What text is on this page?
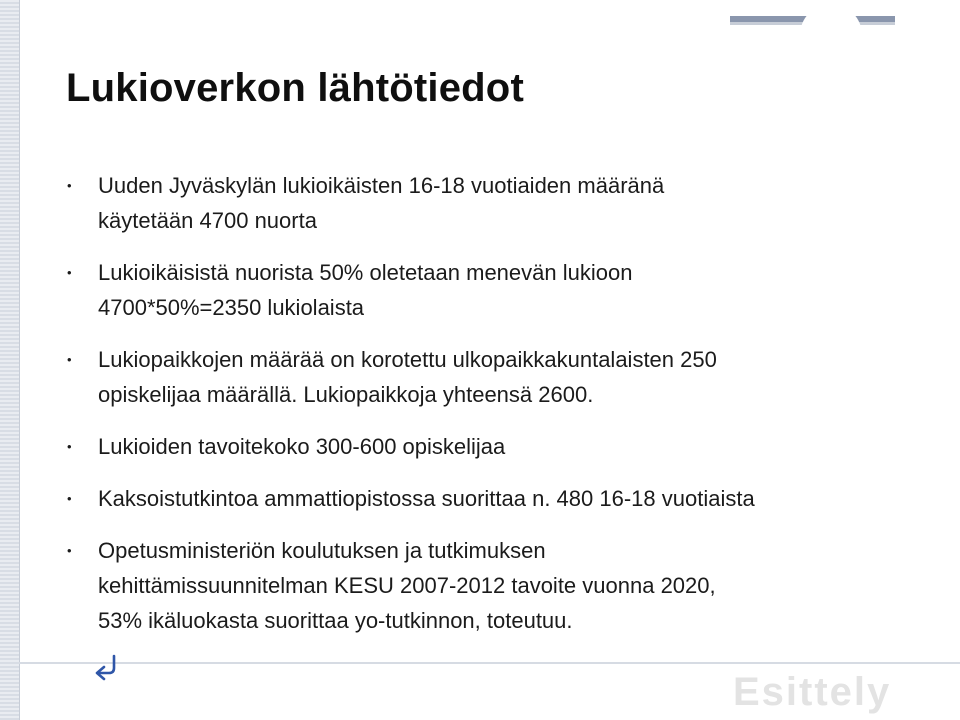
Lukioverkon lähtötiedot
• Uuden Jyväskylän lukioikäisten 16-18 vuotiaiden määränä
käytetään 4700 nuorta
• Lukioikäisistä nuorista 50% oletetaan menevän lukioon
4700*50%=2350 lukiolaista
• Lukiopaikkojen määrää on korotettu ulkopaikkakuntalaisten 250
opiskelijaa määrällä. Lukiopaikkoja yhteensä 2600.
• Lukioiden tavoitekoko 300-600 opiskelijaa
• Kaksoistutkintoa ammattiopistossa suorittaa n. 480 16-18 vuotiaista
• Opetusministeriön koulutuksen ja tutkimuksen
kehittämissuunnitelman KESU 2007-2012 tavoite vuonna 2020,
53% ikäluokasta suorittaa yo-tutkinnon, toteutuu.
Esittely
